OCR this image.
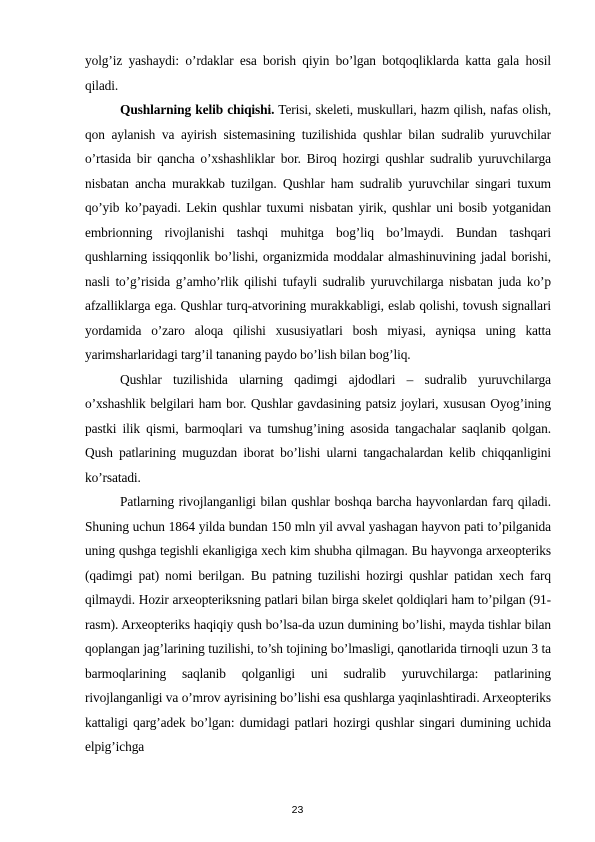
yolg’iz yashaydi: o’rdaklar esa borish qiyin bo’lgan botqoqliklarda katta gala hosil qiladi.

Qushlarning kelib chiqishi. Terisi, skeleti, muskullari, hazm qilish, nafas olish, qon aylanish va ayirish sistemasining tuzilishida qushlar bilan sudralib yuruvchilar o’rtasida bir qancha o’xshashliklar bor. Biroq hozirgi qushlar sudralib yuruvchilarga nisbatan ancha murakkab tuzilgan. Qushlar ham sudralib yuruvchilar singari tuxum qo’yib ko’payadi. Lekin qushlar tuxumi nisbatan yirik, qushlar uni bosib yotganidan embrionning rivojlanishi tashqi muhitga bog’liq bo’lmaydi. Bundan tashqari qushlarning issiqqonlik bo’lishi, organizmida moddalar almashinuvining jadal borishi, nasli to’g’risida g’amho’rlik qilishi tufayli sudralib yuruvchilarga nisbatan juda ko’p afzalliklarga ega. Qushlar turq-atvorining murakkabligi, eslab qolishi, tovush signallari yordamida o’zaro aloqa qilishi xususiyatlari bosh miyasi, ayniqsa uning katta yarimsharlaridagi targ’il tananing paydo bo’lish bilan bog’liq.

Qushlar tuzilishida ularning qadimgi ajdodlari – sudralib yuruvchilarga o’xshashlik belgilari ham bor. Qushlar gavdasining patsiz joylari, xususan Oyog’ining pastki ilik qismi, barmoqlari va tumshug’ining asosida tangachalar saqlanib qolgan. Qush patlarining muguzdan iborat bo’lishi ularni tangachalardan kelib chiqqanligini ko’rsatadi.

Patlarning rivojlanganligi bilan qushlar boshqa barcha hayvonlardan farq qiladi. Shuning uchun 1864 yilda bundan 150 mln yil avval yashagan hayvon pati to’pilganida uning qushga tegishli ekanligiga xech kim shubha qilmagan. Bu hayvonga arxeopteriks (qadimgi pat) nomi berilgan. Bu patning tuzilishi hozirgi qushlar patidan xech farq qilmaydi. Hozir arxeopteriksning patlari bilan birga skelet qoldiqlari ham to’pilgan (91- rasm). Arxeopteriks haqiqiy qush bo’lsa-da uzun dumining bo’lishi, mayda tishlar bilan qoplangan jag’larining tuzilishi, to’sh tojining bo’lmasligi, qanotlarida tirnoqli uzun 3 ta barmoqlarining saqlanib qolganligi uni sudralib yuruvchilarga: patlarining rivojlanganligi va o’mrov ayrisining bo’lishi esa qushlarga yaqinlashtiradi. Arxeopteriks kattaligi qarg’adek bo’lgan: dumidagi patlari hozirgi qushlar singari dumining uchida elpig’ichga

23
